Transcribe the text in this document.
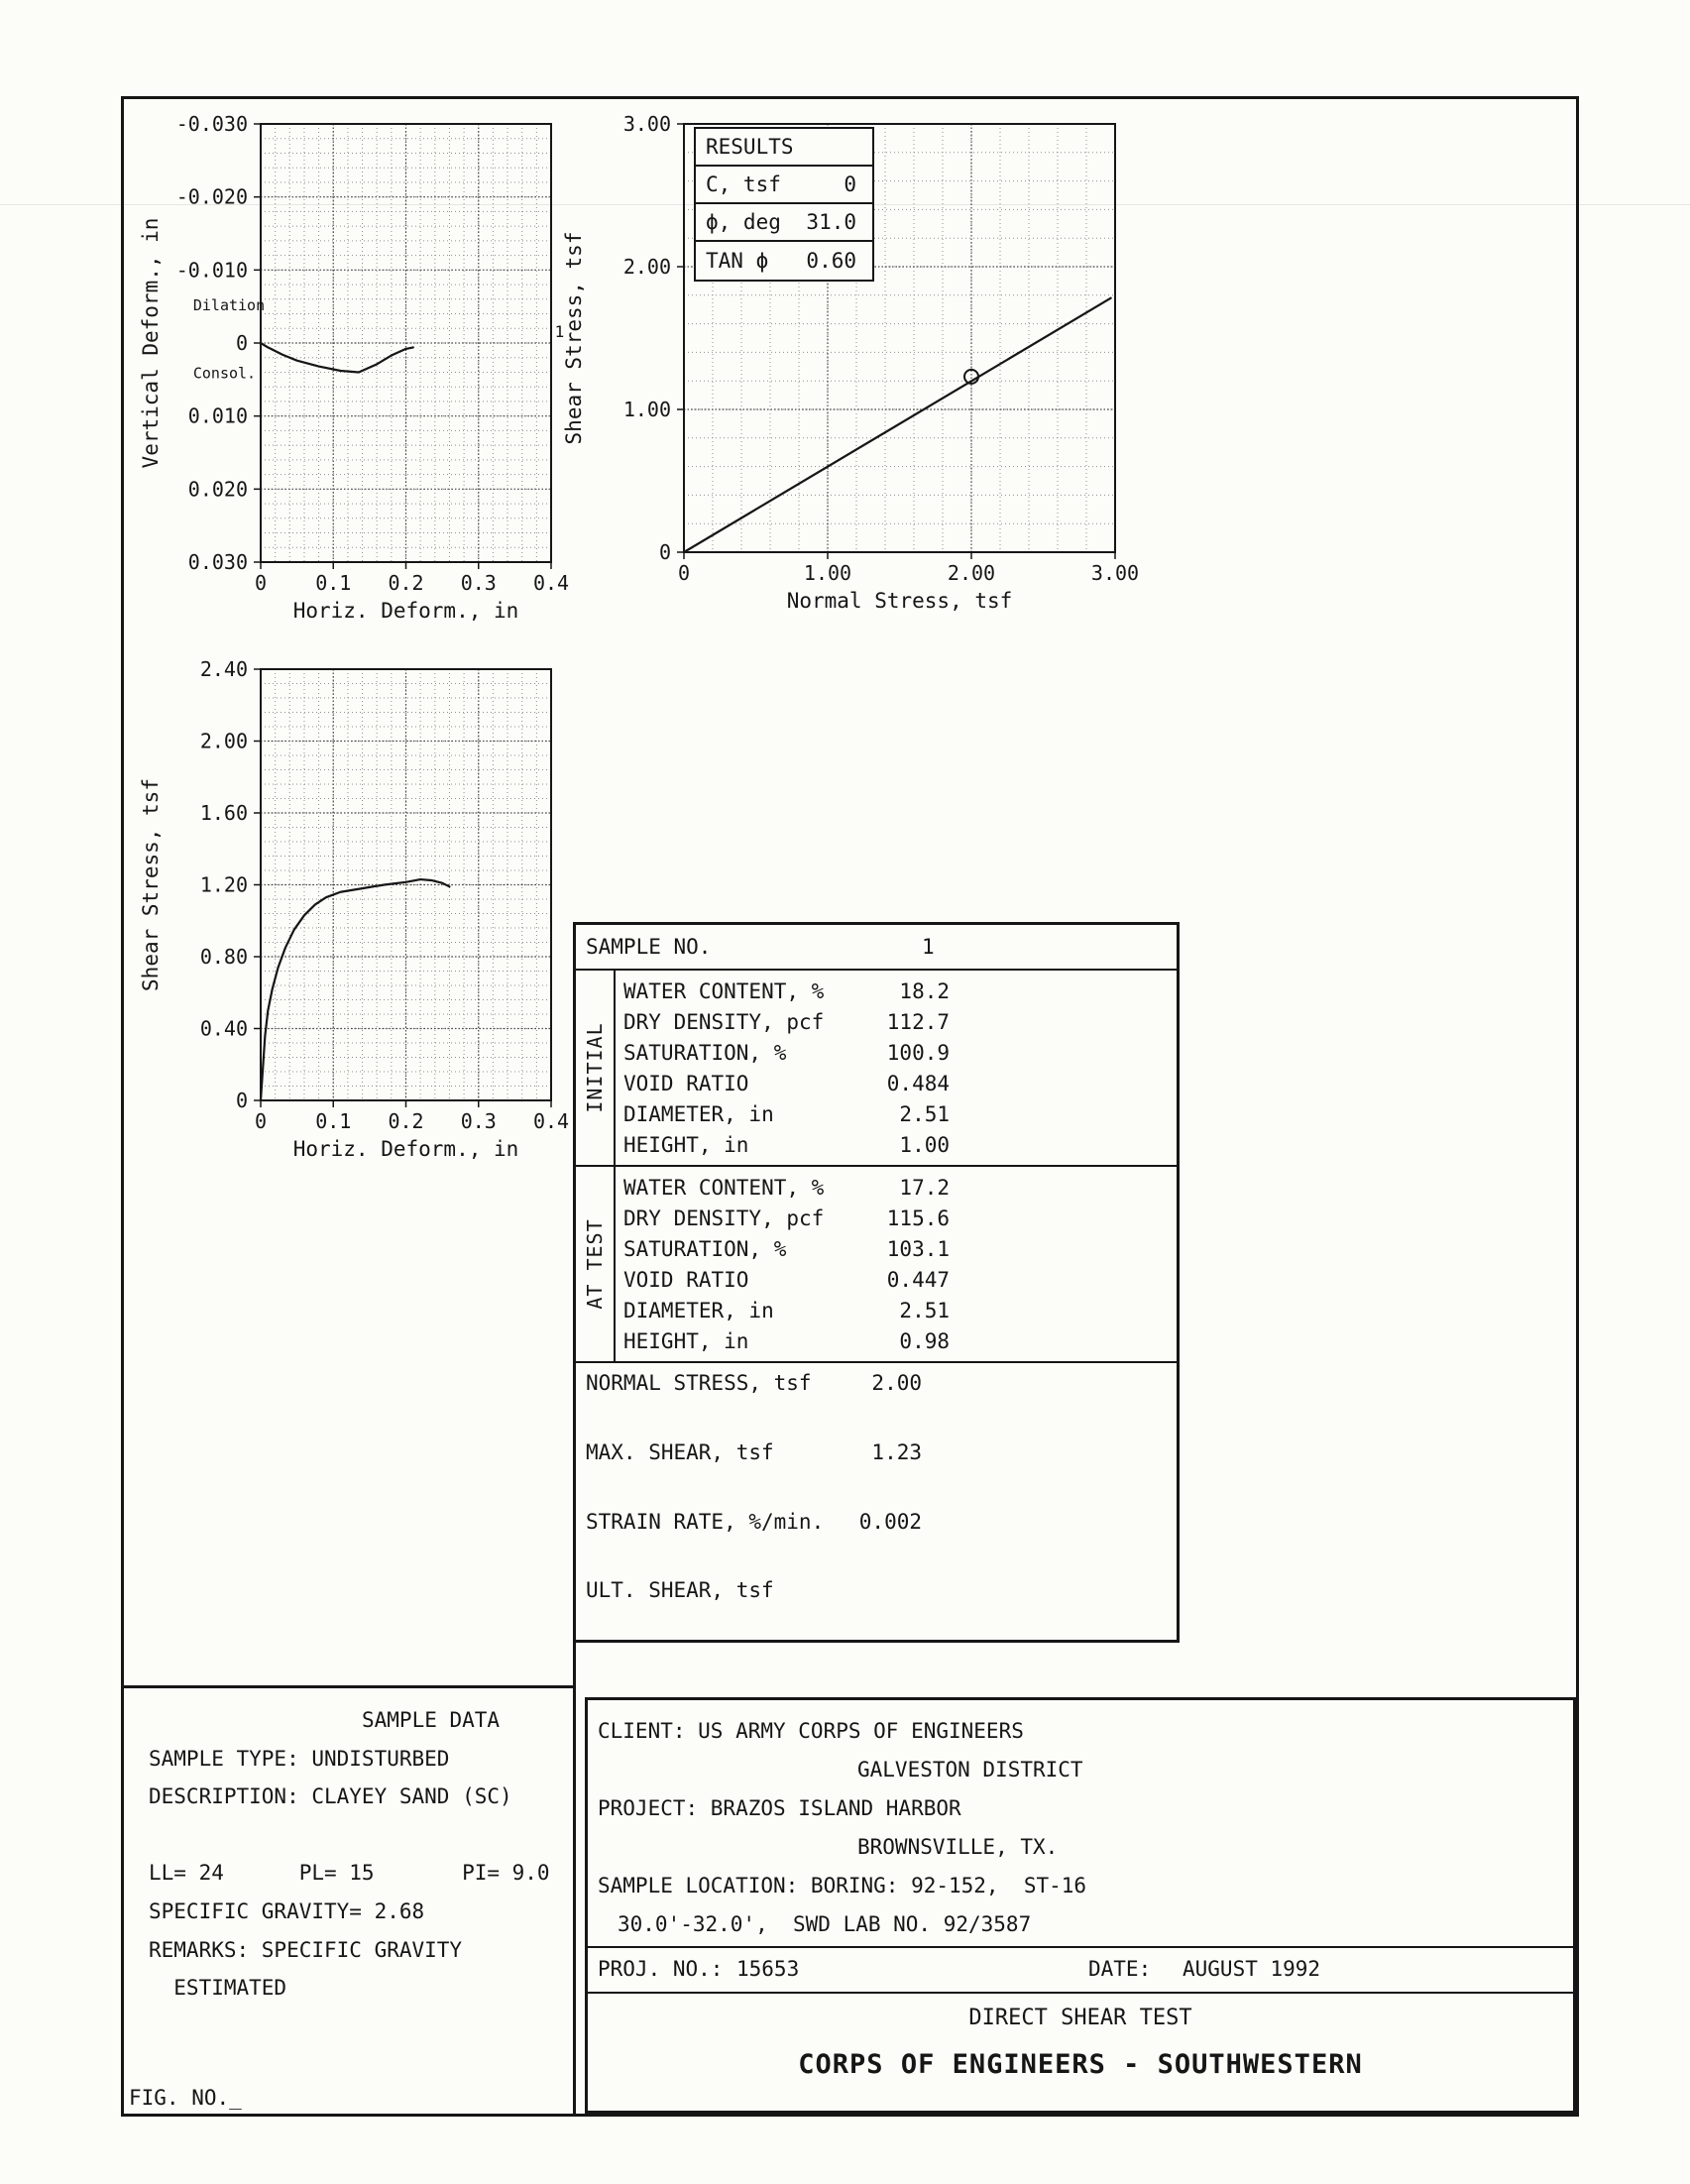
0 0.1 0.2 0.3 0.4
-0.030
-0.020
-0.010
0
0.010
0.020
0.030
Horiz. Deform., in
Vertical Deform., in Dilation
Consol.
1
0	1.00	2.00	3.00
0
1.00
2.00
3.00
Normal Stress, tsf
Shear Stress, tsf
0 0.1 0.2 0.3 0.4
0
0.40
0.80
1.20
1.60
2.00
2.40
Horiz. Deform., in
Shear Stress, tsf
RESULTS
C, tsf	0
ϕ, deg 31.0
TAN ϕ 0.60
SAMPLE NO.	1
INITIAL
WATER CONTENT, %	18.2
DRY DENSITY, pcf	112.7
SATURATION, %	100.9
VOID RATIO	0.484
DIAMETER, in	2.51
HEIGHT, in	1.00
AT TEST
WATER CONTENT, %	17.2
DRY DENSITY, pcf	115.6
SATURATION, %	103.1
VOID RATIO	0.447
DIAMETER, in	2.51
HEIGHT, in	0.98
NORMAL STRESS, tsf	2.00
MAX. SHEAR, tsf	1.23
STRAIN RATE, %/min.	0.002
ULT. SHEAR, tsf
SAMPLE DATA
SAMPLE TYPE: UNDISTURBED
DESCRIPTION: CLAYEY SAND (SC)
LL= 24      PL= 15       PI= 9.0
SPECIFIC GRAVITY= 2.68
REMARKS: SPECIFIC GRAVITY
ESTIMATED
FIG. NO._
CLIENT: US ARMY CORPS OF ENGINEERS
GALVESTON DISTRICT
PROJECT: BRAZOS ISLAND HARBOR
BROWNSVILLE, TX.
SAMPLE LOCATION: BORING: 92-152,  ST-16
30.0'-32.0',  SWD LAB NO. 92/3587
PROJ. NO.: 15653	DATE: AUGUST 1992
DIRECT SHEAR TEST
CORPS OF ENGINEERS - SOUTHWESTERN
